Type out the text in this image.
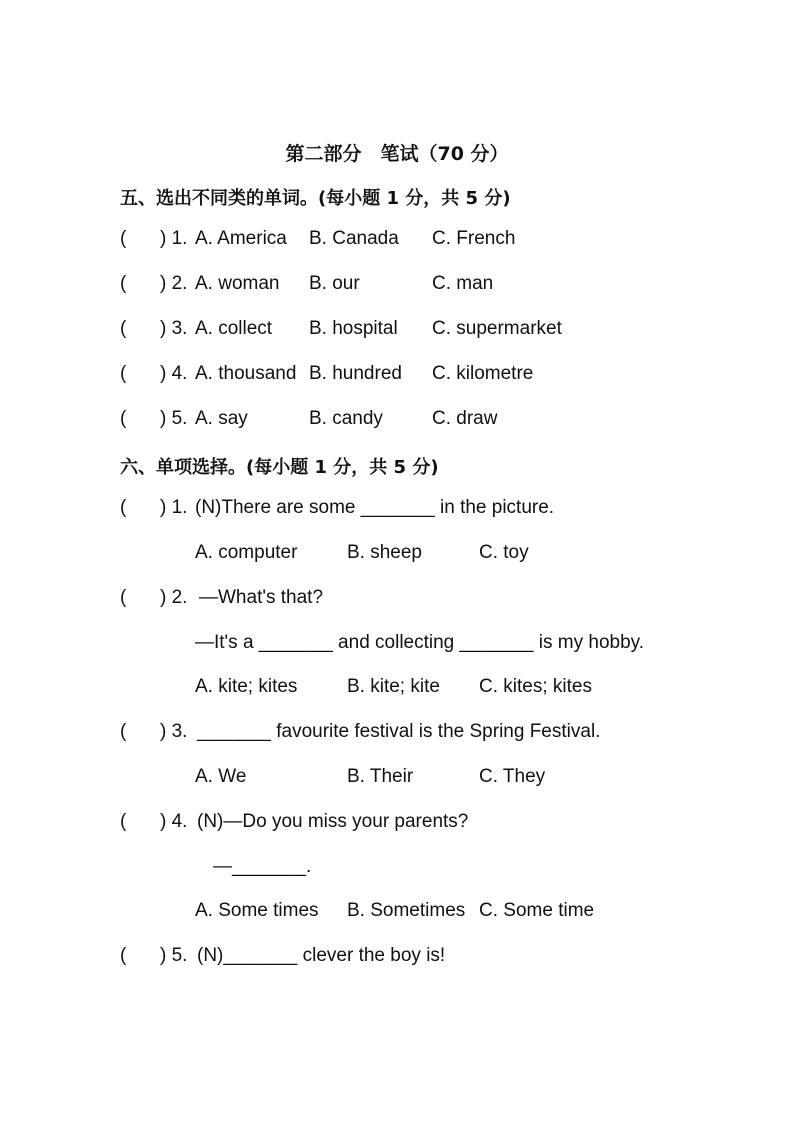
第二部分　笔试（70 分）
五、选出不同类的单词。(每小题 1 分，共 5 分)
( ) 1. A. America B. Canada C. French
( ) 2. A. woman B. our	C. man
( ) 3. A. collect B. hospital C. supermarket
( ) 4. A. thousand B. hundred C. kilometre
( ) 5. A. say	B. candy	C. draw
六、单项选择。(每小题 1 分，共 5 分)
( ) 1. (N)There are some _______ in the picture.
A. computer	B. sheep	C. toy
( ) 2. —What's that?
—It's a _______ and collecting _______ is my hobby.
A. kite; kites	B. kite; kite C. kites; kites
( ) 3. _______ favourite festival is the Spring Festival.
A. We	B. Their	C. They
( ) 4. (N)—Do you miss your parents?
—_______.
A. Some times B. Sometimes C. Some time
( ) 5. (N)_______ clever the boy is!
